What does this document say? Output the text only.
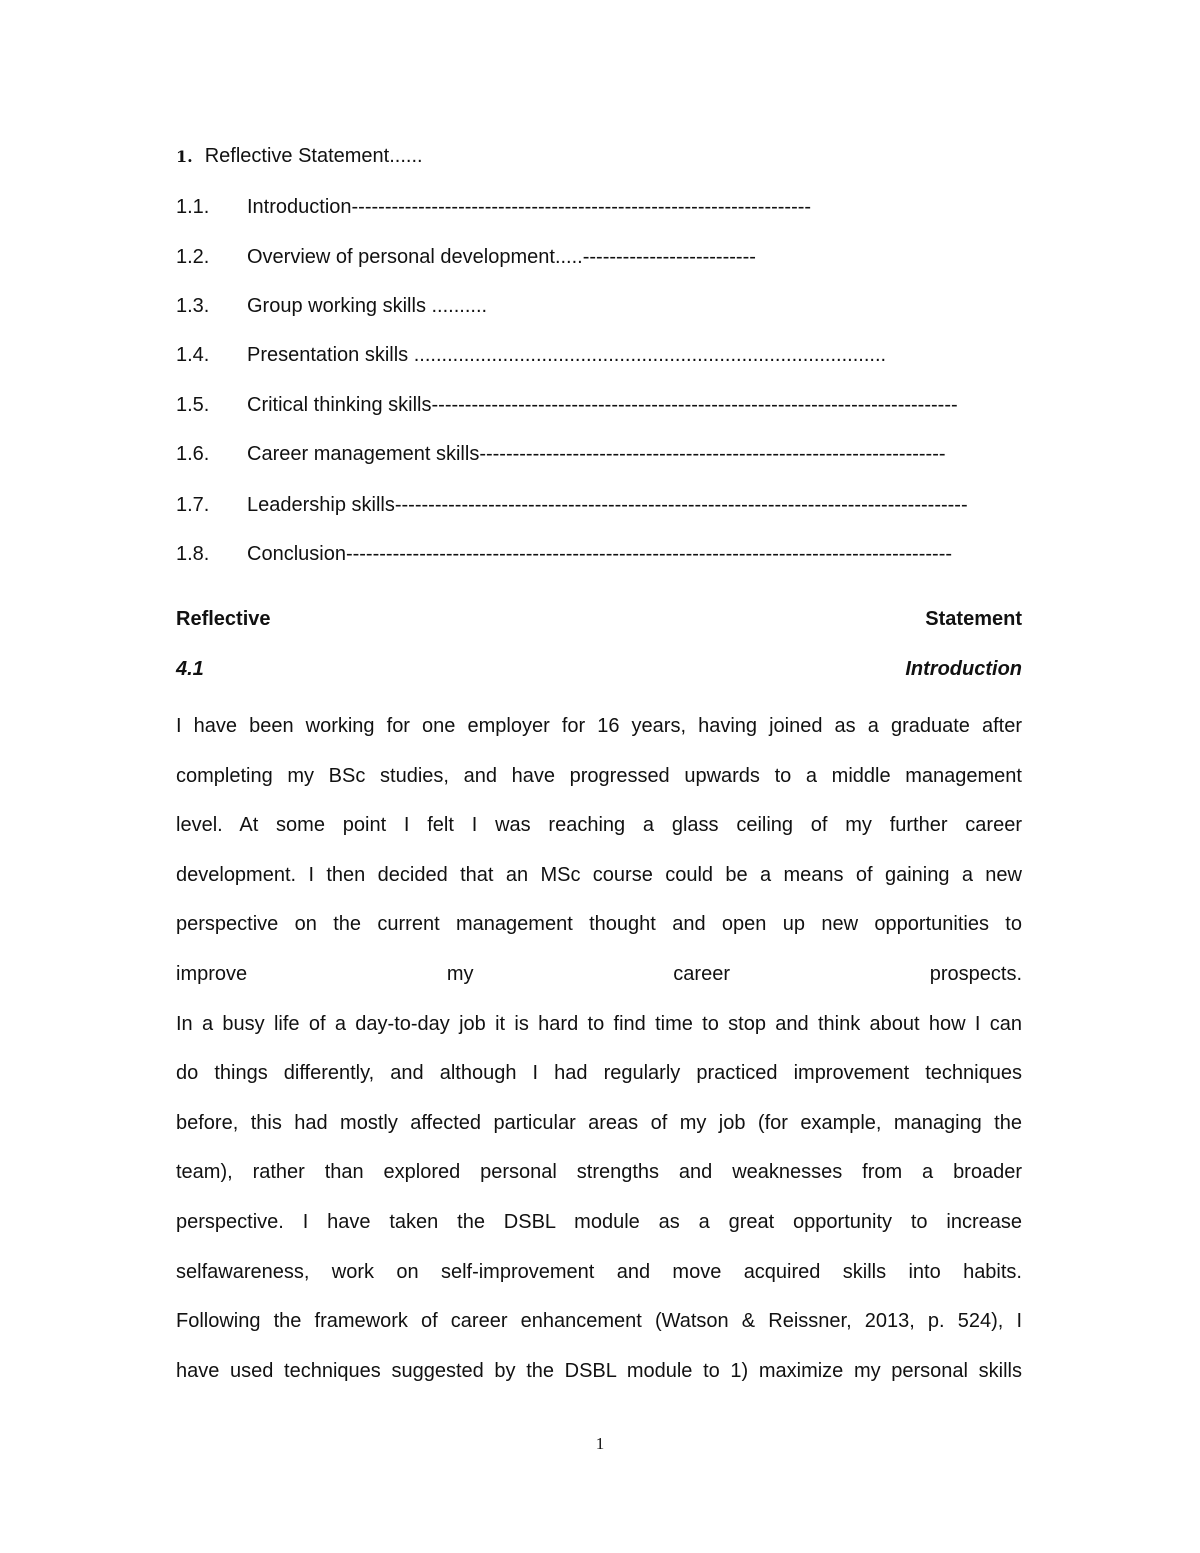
1. Reflective Statement......
1.1. Introduction---------------------------------------------------------------------
1.2. Overview of personal development.....--------------------------
1.3. Group working skills ..........
1.4. Presentation skills .....................................................................................
1.5. Critical thinking skills-------------------------------------------------------------------------------
1.6. Career management skills----------------------------------------------------------------------
1.7. Leadership skills--------------------------------------------------------------------------------------
1.8. Conclusion-------------------------------------------------------------------------------------------
Reflective	Statement
4.1	Introduction
I have been working for one employer for 16 years, having joined as a graduate after
completing my BSc studies, and have progressed upwards to a middle management
level. At some point I felt I was reaching a glass ceiling of my further career
development. I then decided that an MSc course could be a means of gaining a new
perspective on the current management thought and open up new opportunities to
improve my career prospects.
In a busy life of a day-to-day job it is hard to find time to stop and think about how I can
do things differently, and although I had regularly practiced improvement techniques
before, this had mostly affected particular areas of my job (for example, managing the
team), rather than explored personal strengths and weaknesses from a broader
perspective. I have taken the DSBL module as a great opportunity to increase
selfawareness, work on self-improvement and move acquired skills into habits.
Following the framework of career enhancement (Watson & Reissner, 2013, p. 524), I
have used techniques suggested by the DSBL module to 1) maximize my personal skills
1
